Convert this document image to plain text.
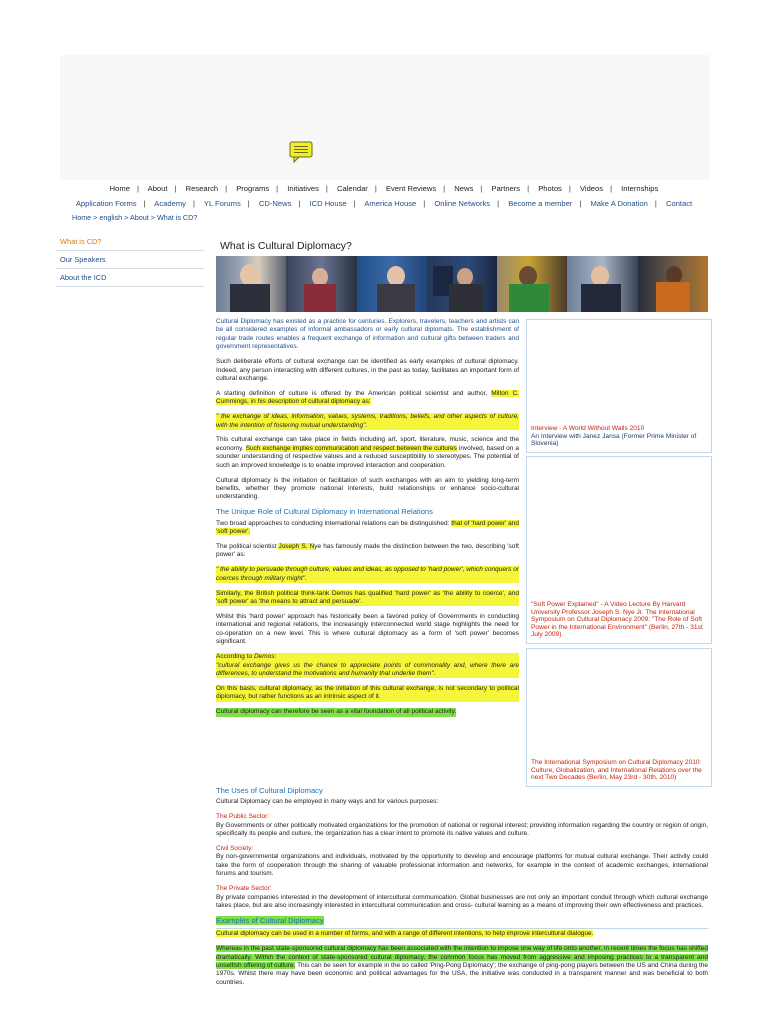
Home | About | Research | Programs | Initiatives | Calendar | Event Reviews | News | Partners | Photos | Videos | Internships
Application Forms | Academy | YL Forums | CD-News | ICD House | America House | Online Networks | Become a member | Make A Donation | Contact
Home > english > About > What is CD?
What is CD?
Our Speakers
About the ICD
What is Cultural Diplomacy?

Cultural Diplomacy has existed as a practice for centuries. Explorers, travelers, teachers and artists can be all considered examples of informal ambassadors or early cultural diplomats. The establishment of regular trade routes enables a frequent exchange of information and cultural gifts between traders and government representatives.

Such deliberate efforts of cultural exchange can be identified as early examples of cultural diplomacy. Indeed, any person interacting with different cultures, in the past as today, facilitates an important form of cultural exchange.

A starting definition of culture is offered by the American political scientist and author, Milton C. Cummings, in his description of cultural diplomacy as:

" the exchange of ideas, information, values, systems, traditions, beliefs, and other aspects of culture, with the intention of fostering mutual understanding".

This cultural exchange can take place in fields including art, sport, literature, music, science and the economy. Such exchange implies communication and respect between the cultures involved, based on a sounder understanding of respective values and a reduced susceptibility to stereotypes. The potential of such an improved knowledge is to enable improved interaction and cooperation.

Cultural diplomacy is the initiation or facilitation of such exchanges with an aim to yielding long-term benefits, whether they promote national interests, build relationships or enhance socio-cultural understanding.

The Unique Role of Cultural Diplomacy in International Relations

Two broad approaches to conducting international relations can be distinguished: that of 'hard power' and 'soft power'.

The political scientist Joseph S. Nye has famously made the distinction between the two, describing 'soft power' as:

" the ability to persuade through culture, values and ideas, as opposed to 'hard power', which conquers or coerces through military might".

Similarly, the British political think-tank Demos has qualified 'hard power' as 'the ability to coerce', and 'soft power' as 'the means to attract and persuade'.

Whilst this 'hard power' approach has historically been a favored policy of Governments in conducting international and regional relations, the increasingly interconnected world stage highlights the need for co-operation on a new level. This is where cultural diplomacy as a form of 'soft power' becomes significant.

According to Demos:

"cultural exchange gives us the chance to appreciate points of commonality and, where there are differences, to understand the motivations and humanity that underlie them".

On this basis, cultural diplomacy, as the initiation of this cultural exchange, is not secondary to political diplomacy, but rather functions as an intrinsic aspect of it.

Cultural diplomacy can therefore be seen as a vital foundation of all political activity.

The Uses of Cultural Diplomacy

Cultural Diplomacy can be employed in many ways and for various purposes:

The Public Sector:

By Governments or other politically motivated organizations for the promotion of national or regional interest; providing information regarding the country or region of origin, specifically its people and culture, the organization has a clear intent to promote its native values and culture.

Civil Society:

By non-governmental organizations and individuals, motivated by the opportunity to develop and encourage platforms for mutual cultural exchange. Their activity could take the form of cooperation through the sharing of valuable professional information and networks, for example in the context of academic exchanges, international forums and tourism.

The Private Sector:

By private companies interested in the development of intercultural communication. Global businesses are not only an important conduit through which cultural exchange takes place, but are also increasingly interested in intercultural communication and cross- cultural learning as a means of improving their own effectiveness and practices.

Examples of Cultural Diplomacy

Cultural diplomacy can be used in a number of forms, and with a range of different intentions, to help improve intercultural dialogue.

Whereas in the past state-sponsored cultural diplomacy has been associated with the intention to impose one way of life onto another, in recent times the focus has shifted dramatically. Within the context of state-sponsored cultural diplomacy, the common focus has moved from aggressive and imposing practices to a transparent and unselfish offering of culture. This can be seen for example in the so called 'Ping-Pong Diplomacy'; the exchange of ping-pong players between the US and China during the 1970s. Whilst there may have been economic and political advantages for the USA, the initiative was conducted in a transparent manner and was beneficial to both countries.

Interview - A World Without Walls 2010
An Interview with Janez Jansa (Former Prime Minister of Slovenia)
"Soft Power Explained" - A Video Lecture By Harvard University Professor Joseph S. Nye Jr. The International Symposium on Cultural Diplomacy 2009: "The Role of Soft Power in the International Environment" (Berlin, 27th - 31st July 2009)
The International Symposium on Cultural Diplomacy 2010: Culture, Globalization, and International Relations over the next Two Decades (Berlin, May 23rd - 30th, 2010)
